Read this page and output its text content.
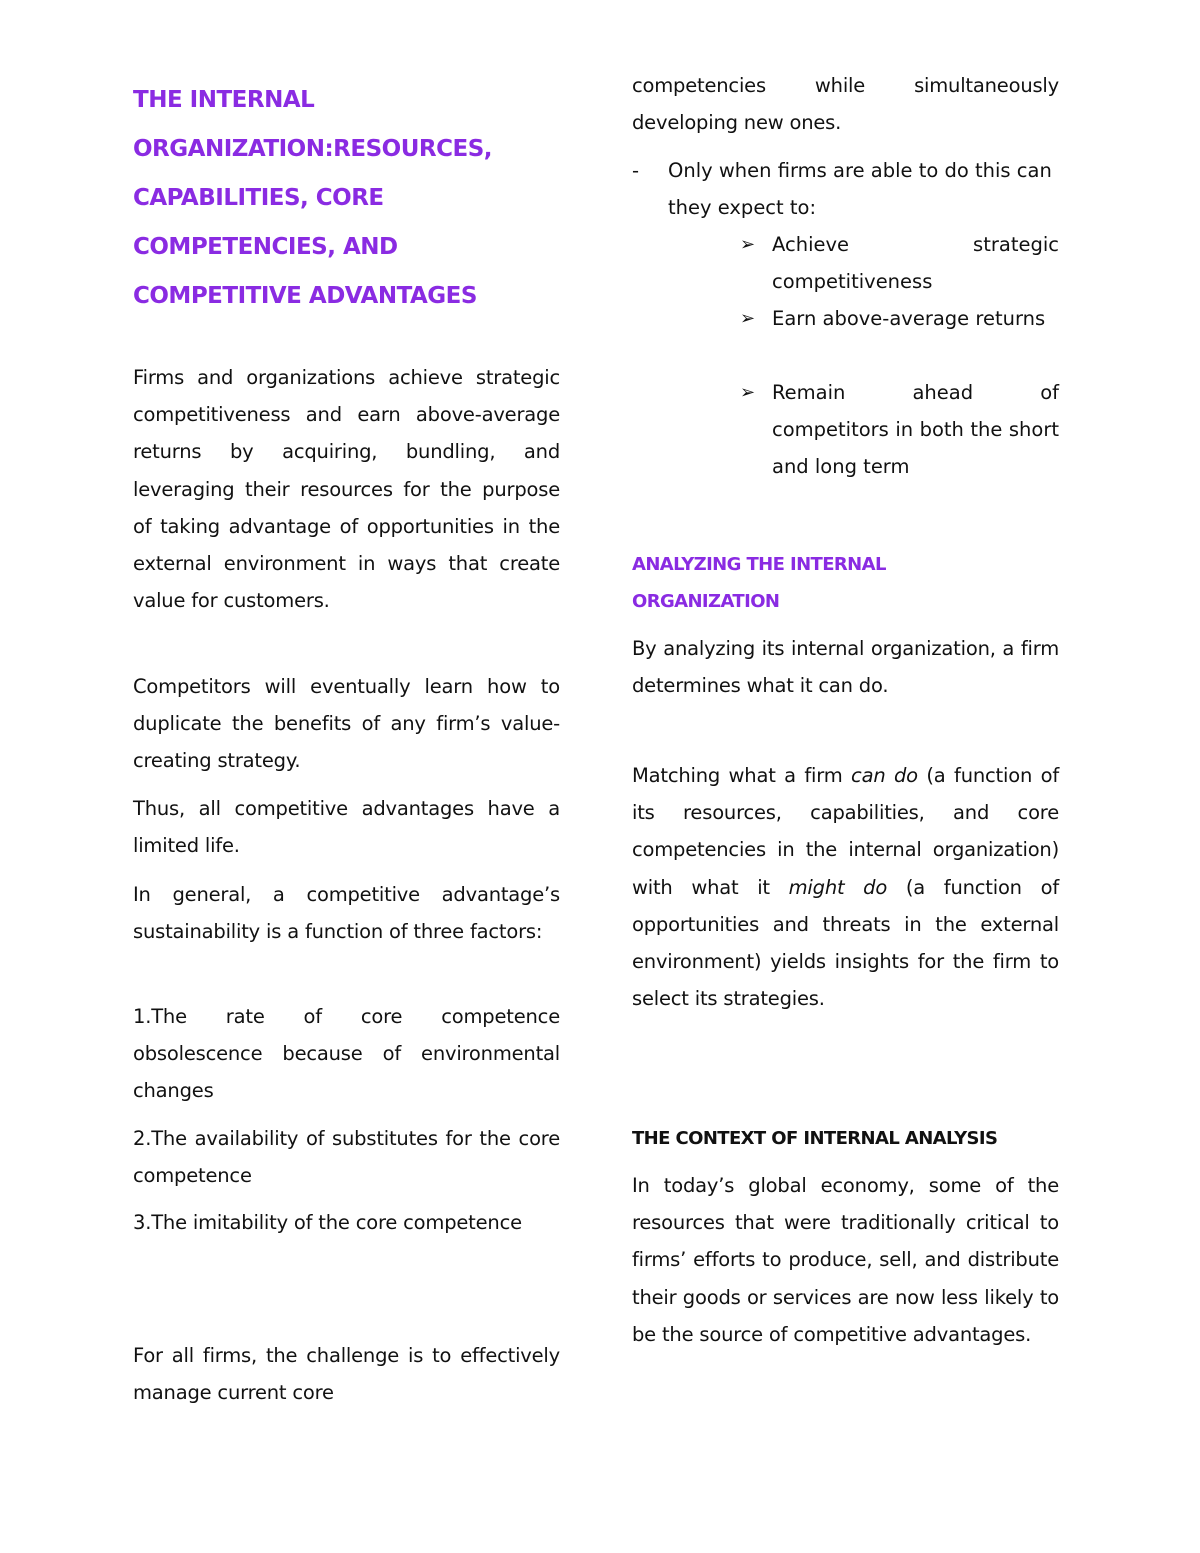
THE INTERNAL
ORGANIZATION:RESOURCES,
CAPABILITIES, CORE
COMPETENCIES, AND
COMPETITIVE ADVANTAGES

Firms and organizations achieve strategic competitiveness and earn above-average returns by acquiring, bundling, and leveraging their resources for the purpose of taking advantage of opportunities in the external environment in ways that create value for customers.

Competitors will eventually learn how to duplicate the benefits of any firm’s value-creating strategy.

Thus, all competitive advantages have a limited life.

In general, a competitive advantage’s sustainability is a function of three factors:

1.The rate of core competence obsolescence because of environmental changes

2.The availability of substitutes for the core competence

3.The imitability of the core competence

For all firms, the challenge is to effectively manage current core

competencies while simultaneously developing new ones.

- Only when firms are able to do this can they expect to:
➢ Achieve strategic competitiveness
➢ Earn above-average returns
➢ Remain ahead of competitors in both the short and long term
ANALYZING THE INTERNAL
ORGANIZATION

By analyzing its internal organization, a firm determines what it can do.

Matching what a firm can do (a function of its resources, capabilities, and core competencies in the internal organization) with what it might do (a function of opportunities and threats in the external environment) yields insights for the firm to select its strategies.

THE CONTEXT OF INTERNAL ANALYSIS

In today’s global economy, some of the resources that were traditionally critical to firms’ efforts to produce, sell, and distribute their goods or services are now less likely to be the source of competitive advantages.
